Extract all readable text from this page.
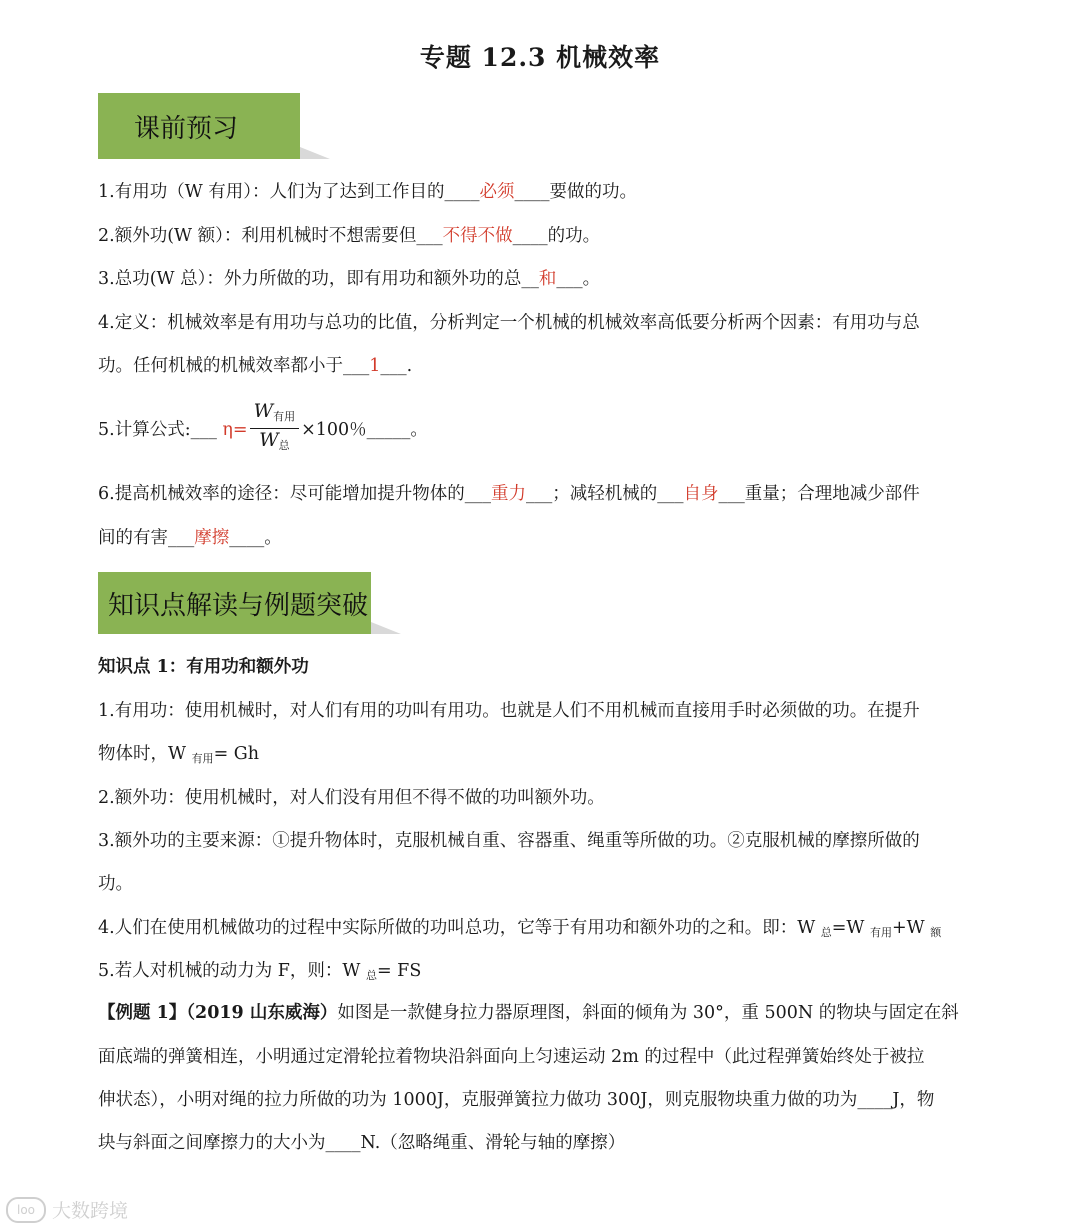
专题 12.3 机械效率
课前预习
1.有用功（W 有用）：人们为了达到工作目的____必须____要做的功。
2.额外功(W 额）：利用机械时不想需要但___不得不做____的功。
3.总功(W 总）：外力所做的功，即有用功和额外功的总__和___。
4.定义：机械效率是有用功与总功的比值，分析判定一个机械的机械效率高低要分析两个因素：有用功与总
功。任何机械的机械效率都小于___1___.
5.计算公式:___ $\eta= \frac{W_{有用}}{W_总} \times 100$％_____。
6.提高机械效率的途径：尽可能增加提升物体的___重力___；减轻机械的___自身___重量；合理地减少部件
间的有害___摩擦____。
知识点解读与例题突破
知识点 1：有用功和额外功
1.有用功：使用机械时，对人们有用的功叫有用功。也就是人们不用机械而直接用手时必须做的功。在提升
物体时，W $_{有用}$= Gh
2.额外功：使用机械时，对人们没有用但不得不做的功叫额外功。
3.额外功的主要来源：①提升物体时，克服机械自重、容器重、绳重等所做的功。②克服机械的摩擦所做的
功。
4.人们在使用机械做功的过程中实际所做的功叫总功，它等于有用功和额外功的之和。即：W $_总$=W $_{有用}$+W $_额$
5.若人对机械的动力为 F，则：W $_总$= FS
【例题 1】（2019 山东威海）如图是一款健身拉力器原理图，斜面的倾角为 30°，重 500N 的物块与固定在斜
面底端的弹簧相连，小明通过定滑轮拉着物块沿斜面向上匀速运动 2m 的过程中（此过程弹簧始终处于被拉
伸状态），小明对绳的拉力所做的功为 1000J，克服弹簧拉力做功 300J，则克服物块重力做的功为____J，物
块与斜面之间摩擦力的大小为____N.（忽略绳重、滑轮与轴的摩擦）
loo 大数跨境
